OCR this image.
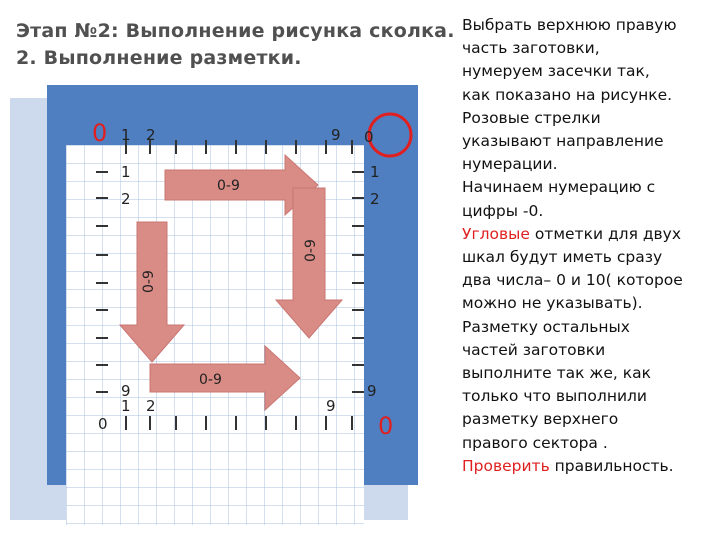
Этап №2: Выполнение рисунка сколка.
2. Выполнение разметки.
0-9
0-9
0-9
0-9
0
0
1 2	9 0
1
2
1
2
9
1 2	9
9
0

Выбрать верхнюю правую

часть заготовки,

нумеруем засечки так,

как показано на рисунке.

Розовые стрелки

указывают направление

нумерации.

Начинаем нумерацию с

цифры -0.

Угловые отметки для двух

шкал будут иметь сразу

два числа– 0 и 10( которое

можно не указывать).

Разметку остальных

частей заготовки

выполните так же, как

только что выполнили

разметку верхнего

правого сектора .

Проверить правильность.
